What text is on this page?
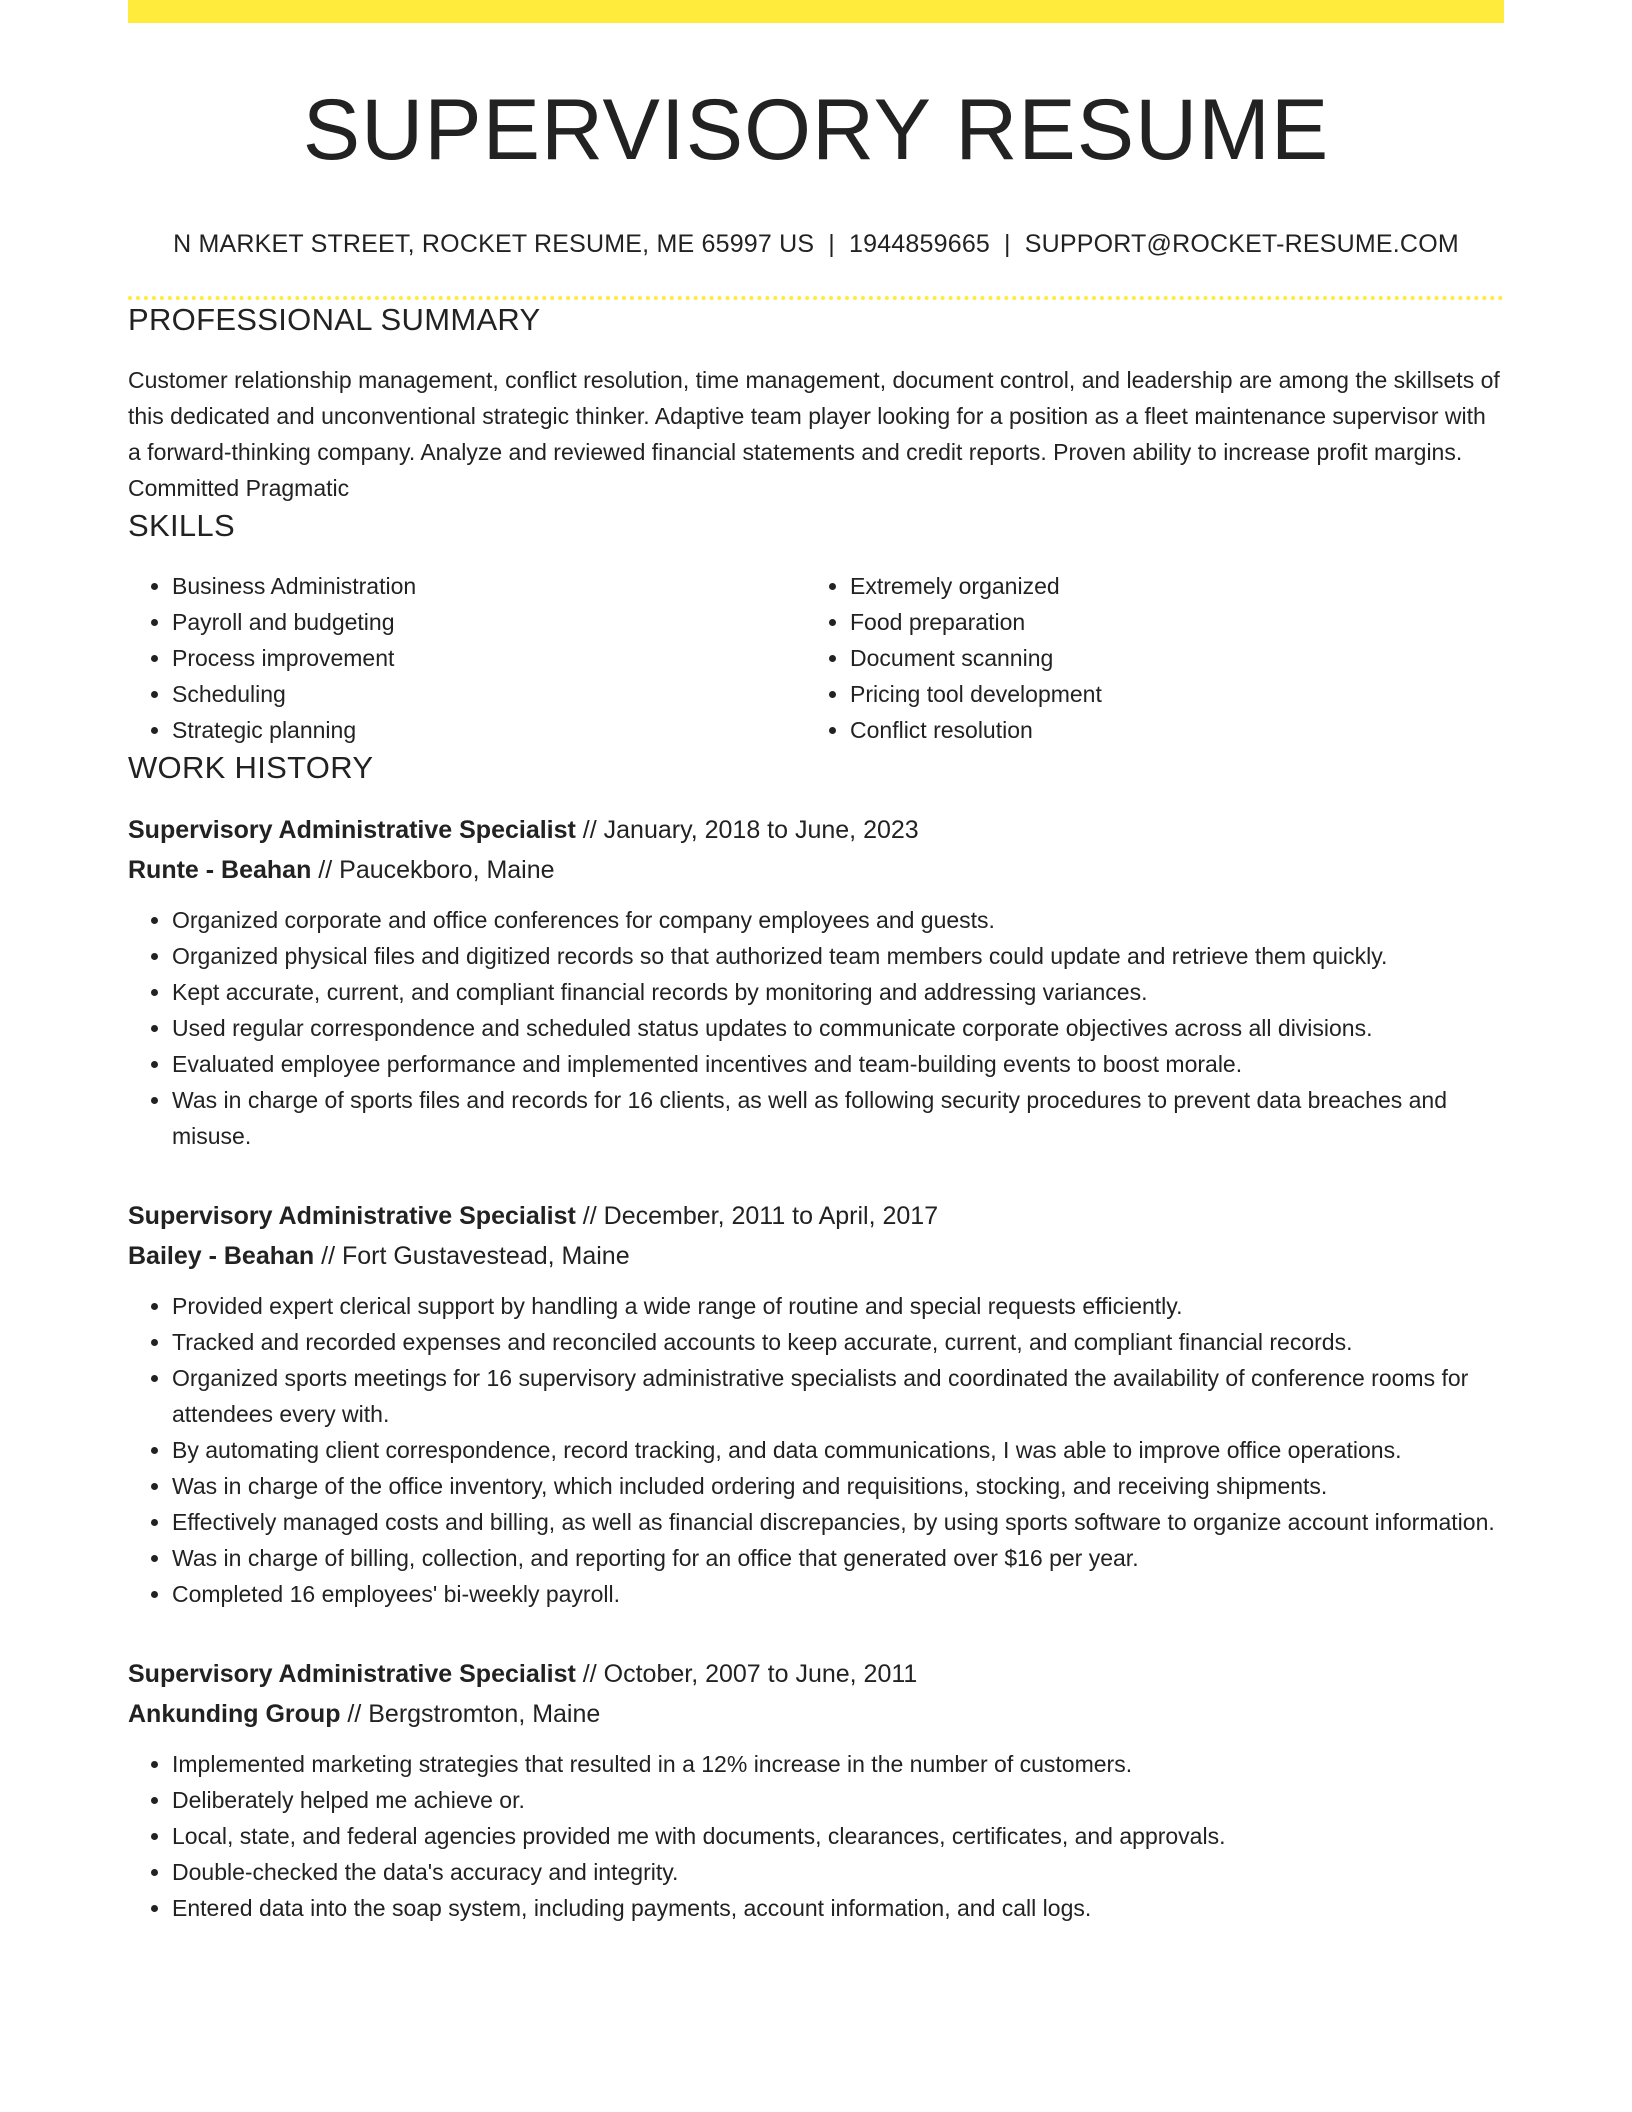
SUPERVISORY RESUME
N MARKET STREET, ROCKET RESUME, ME 65997 US | 1944859665 | SUPPORT@ROCKET-RESUME.COM
PROFESSIONAL SUMMARY

Customer relationship management, conflict resolution, time management, document control, and leadership are among the skillsets of this dedicated and unconventional strategic thinker. Adaptive team player looking for a position as a fleet maintenance supervisor with a forward-thinking company. Analyze and reviewed financial statements and credit reports. Proven ability to increase profit margins. Committed Pragmatic

SKILLS
• Business Administration
• Payroll and budgeting
• Process improvement
• Scheduling
• Strategic planning
• Extremely organized
• Food preparation
• Document scanning
• Pricing tool development
• Conflict resolution
WORK HISTORY
Supervisory Administrative Specialist // January, 2018 to June, 2023
Runte - Beahan // Paucekboro, Maine
• Organized corporate and office conferences for company employees and guests.
• Organized physical files and digitized records so that authorized team members could update and retrieve them quickly.
• Kept accurate, current, and compliant financial records by monitoring and addressing variances.
• Used regular correspondence and scheduled status updates to communicate corporate objectives across all divisions.
• Evaluated employee performance and implemented incentives and team-building events to boost morale.
• Was in charge of sports files and records for 16 clients, as well as following security procedures to prevent data breaches and misuse.
Supervisory Administrative Specialist // December, 2011 to April, 2017
Bailey - Beahan // Fort Gustavestead, Maine
• Provided expert clerical support by handling a wide range of routine and special requests efficiently.
• Tracked and recorded expenses and reconciled accounts to keep accurate, current, and compliant financial records.
• Organized sports meetings for 16 supervisory administrative specialists and coordinated the availability of conference rooms for attendees every with.
• By automating client correspondence, record tracking, and data communications, I was able to improve office operations.
• Was in charge of the office inventory, which included ordering and requisitions, stocking, and receiving shipments.
• Effectively managed costs and billing, as well as financial discrepancies, by using sports software to organize account information.
• Was in charge of billing, collection, and reporting for an office that generated over $16 per year.
• Completed 16 employees' bi-weekly payroll.
Supervisory Administrative Specialist // October, 2007 to June, 2011
Ankunding Group // Bergstromton, Maine
• Implemented marketing strategies that resulted in a 12% increase in the number of customers.
• Deliberately helped me achieve or.
• Local, state, and federal agencies provided me with documents, clearances, certificates, and approvals.
• Double-checked the data's accuracy and integrity.
• Entered data into the soap system, including payments, account information, and call logs.
